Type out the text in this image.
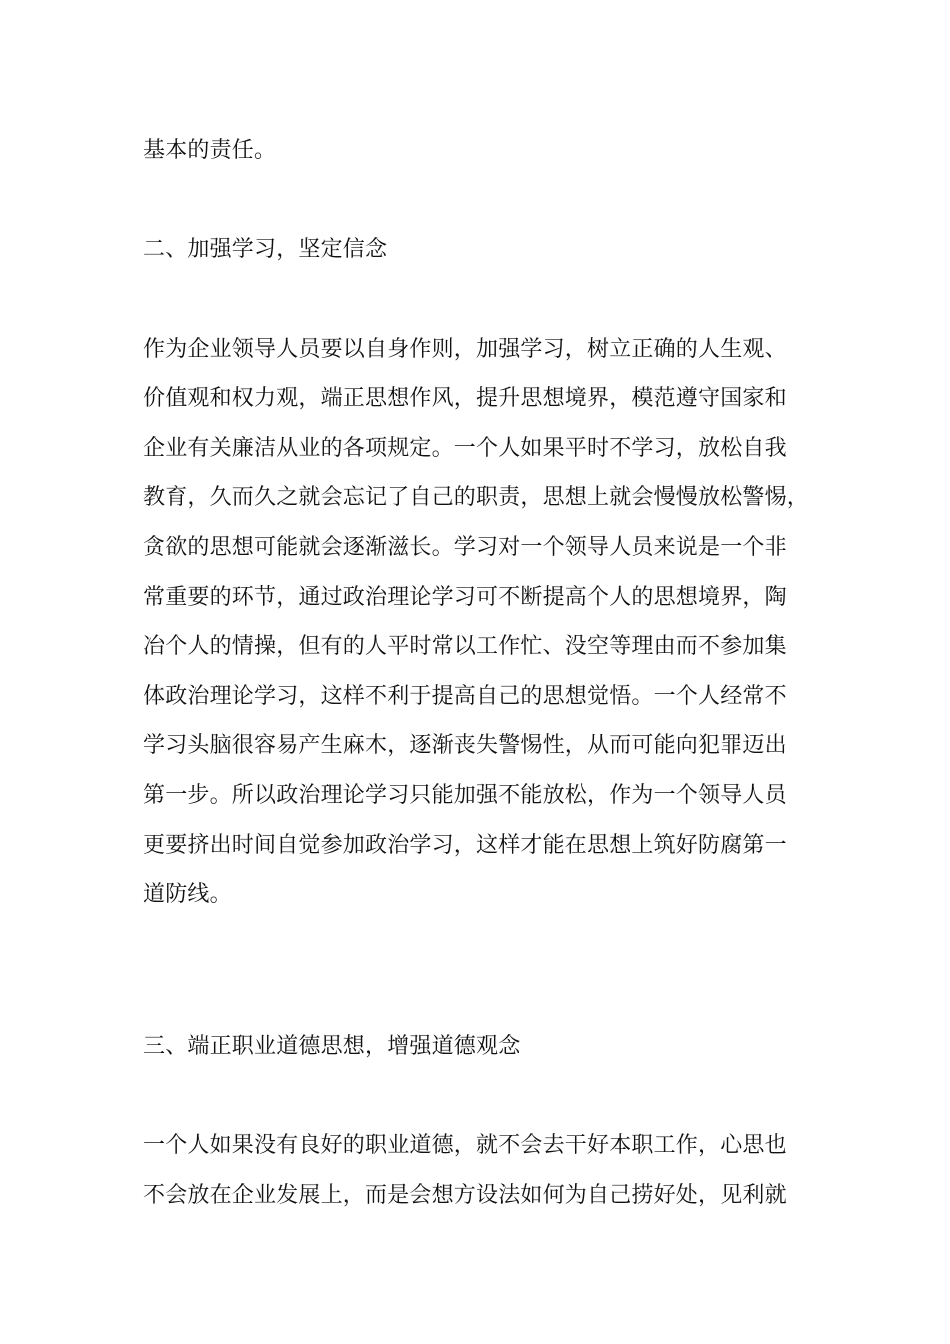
基本的责任。
二、加强学习，坚定信念
作为企业领导人员要以自身作则，加强学习，树立正确的人生观、
价值观和权力观，端正思想作风，提升思想境界，模范遵守国家和
企业有关廉洁从业的各项规定。一个人如果平时不学习，放松自我
教育，久而久之就会忘记了自己的职责，思想上就会慢慢放松警惕，
贪欲的思想可能就会逐渐滋长。学习对一个领导人员来说是一个非
常重要的环节，通过政治理论学习可不断提高个人的思想境界，陶
冶个人的情操，但有的人平时常以工作忙、没空等理由而不参加集
体政治理论学习，这样不利于提高自己的思想觉悟。一个人经常不
学习头脑很容易产生麻木，逐渐丧失警惕性，从而可能向犯罪迈出
第一步。所以政治理论学习只能加强不能放松，作为一个领导人员
更要挤出时间自觉参加政治学习，这样才能在思想上筑好防腐第一
道防线。
三、端正职业道德思想，增强道德观念
一个人如果没有良好的职业道德，就不会去干好本职工作，心思也
不会放在企业发展上，而是会想方设法如何为自己捞好处，见利就
